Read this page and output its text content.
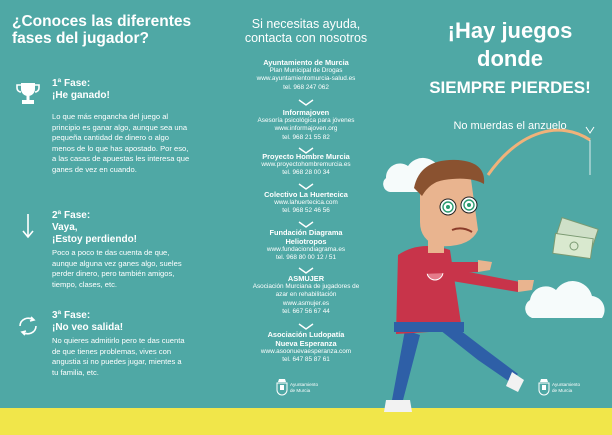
¿Conoces las diferentes fases del jugador?
1ª Fase:
¡He ganado!
Lo que más engancha del juego al principio es ganar algo, aunque sea una pequeña cantidad de dinero o algo menos de lo que has apostado. Por eso, a las casas de apuestas les interesa que ganes de vez en cuando.
2ª Fase:
Vaya,
¡Estoy perdiendo!
Poco a poco te das cuenta de que, aunque alguna vez ganes algo, sueles perder dinero, pero también amigos, tiempo, clases, etc.
3ª Fase:
¡No veo salida!
No quieres admitirlo pero te das cuenta de que tienes problemas, vives con angustia si no puedes jugar, mientes a tu familia, etc.
Si necesitas ayuda,
contacta con nosotros
Ayuntamiento de Murcia
Plan Municipal de Drogas
www.ayuntamientomurcia-salud.es
tel. 968 247 062
Informajoven
Asesoría psicológica para jóvenes
www.informajoven.org
tel. 968 21 55 82
Proyecto Hombre Murcia
www.proyectohombremurcia.es
tel. 968 28 00 34
Colectivo La Huertecica
www.lahuertecica.com
tel. 968 52 46 56
Fundación Diagrama
Heliotropos
www.fundaciondiagrama.es
tel. 968 80 00 12 / 51
ASMUJER
Asociación Murciana de jugadores de
azar en rehabilitación
www.asmujer.es
tel. 667 56 67 44
Asociación Ludopatía
Nueva Esperanza
www.asoonuevaesperanza.com
tel. 647 85 87 61
Ayuntamiento
de Murcia
¡Hay juegos
donde
SIEMPRE PIERDES!
No muerdas el anzuelo
Ayuntamiento
de Murcia
